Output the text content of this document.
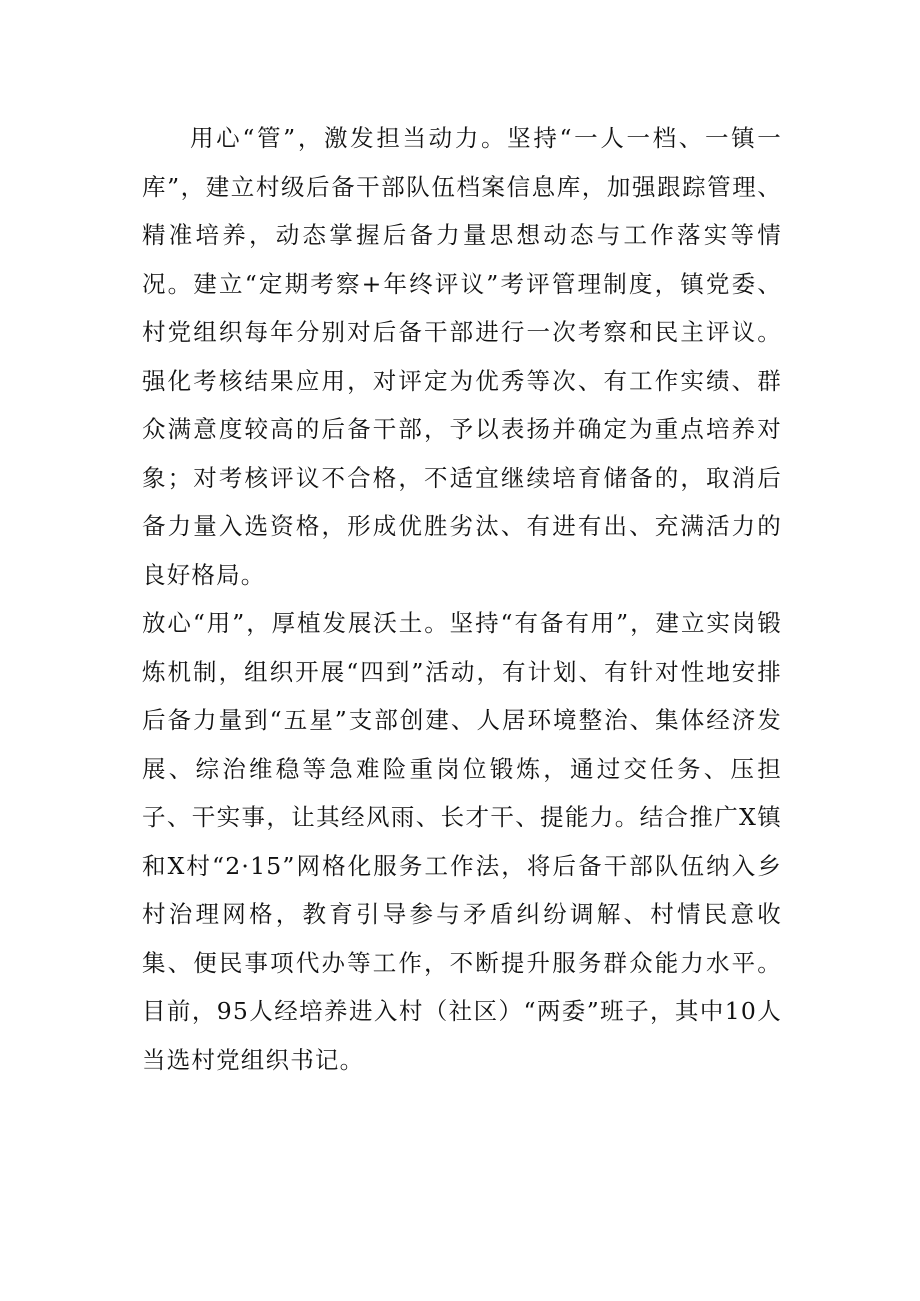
用心“管”，激发担当动力。坚持“一人一档、一镇一库”，建立村级后备干部队伍档案信息库，加强跟踪管理、精准培养，动态掌握后备力量思想动态与工作落实等情况。建立“定期考察+年终评议”考评管理制度，镇党委、村党组织每年分别对后备干部进行一次考察和民主评议。强化考核结果应用，对评定为优秀等次、有工作实绩、群众满意度较高的后备干部，予以表扬并确定为重点培养对象；对考核评议不合格，不适宜继续培育储备的，取消后备力量入选资格，形成优胜劣汰、有进有出、充满活力的良好格局。

放心“用”，厚植发展沃土。坚持“有备有用”，建立实岗锻炼机制，组织开展“四到”活动，有计划、有针对性地安排后备力量到“五星”支部创建、人居环境整治、集体经济发展、综治维稳等急难险重岗位锻炼，通过交任务、压担子、干实事，让其经风雨、长才干、提能力。结合推广X镇和X村“2·15”网格化服务工作法，将后备干部队伍纳入乡村治理网格，教育引导参与矛盾纠纷调解、村情民意收集、便民事项代办等工作，不断提升服务群众能力水平。目前，95人经培养进入村（社区）“两委”班子，其中10人当选村党组织书记。
